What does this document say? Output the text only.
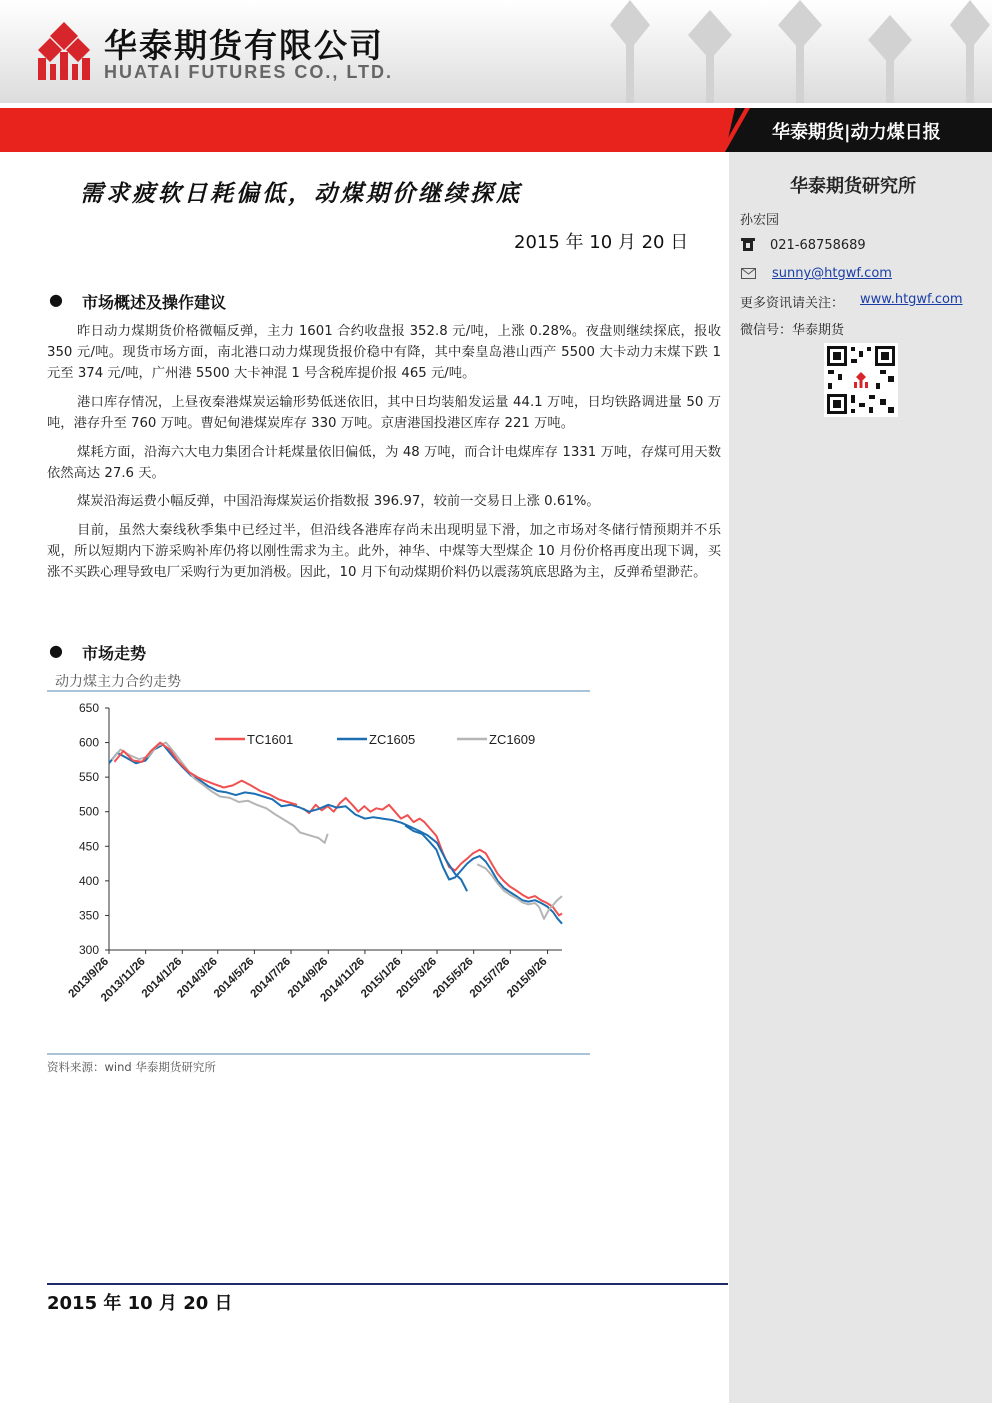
华泰期货有限公司
HUATAI FUTURES CO., LTD.
华泰期货|动力煤日报
华泰期货研究所
孙宏园
021-68758689
sunny@htgwf.com
更多资讯请关注： www.htgwf.com
微信号：华泰期货
需求疲软日耗偏低，动煤期价继续探底
2015 年 10 月 20 日
● 市场概述及操作建议
昨日动力煤期货价格微幅反弹，主力 1601 合约收盘报 352.8 元/吨，上涨 0.28%。夜盘则继续探底，报收 350 元/吨。现货市场方面，南北港口动力煤现货报价稳中有降，其中秦皇岛港山西产 5500 大卡动力末煤下跌 1 元至 374 元/吨，广州港 5500 大卡神混 1 号含税库提价报 465 元/吨。
港口库存情况，上昼夜秦港煤炭运输形势低迷依旧，其中日均装船发运量 44.1 万吨，日均铁路调进量 50 万吨，港存升至 760 万吨。曹妃甸港煤炭库存 330 万吨。京唐港国投港区库存 221 万吨。
煤耗方面，沿海六大电力集团合计耗煤量依旧偏低，为 48 万吨，而合计电煤库存 1331 万吨，存煤可用天数依然高达 27.6 天。
煤炭沿海运费小幅反弹，中国沿海煤炭运价指数报 396.97，较前一交易日上涨 0.61%。
目前，虽然大秦线秋季集中已经过半，但沿线各港库存尚未出现明显下滑，加之市场对冬储行情预期并不乐观，所以短期内下游采购补库仍将以刚性需求为主。此外，神华、中煤等大型煤企 10 月份价格再度出现下调，买涨不买跌心理导致电厂采购行为更加消极。因此，10 月下旬动煤期价料仍以震荡筑底思路为主，反弹希望渺茫。
● 市场走势
动力煤主力合约走势
300
350
400
450
500
550
600
650
2013/9/26
2013/11/26
2014/1/26
2014/3/26
2014/5/26
2014/7/26
2014/9/26
2014/11/26
2015/1/26
2015/3/26
2015/5/26
2015/7/26
2015/9/26
TC1601	ZC1605	ZC1609
资料来源：wind 华泰期货研究所
2015 年 10 月 20 日
